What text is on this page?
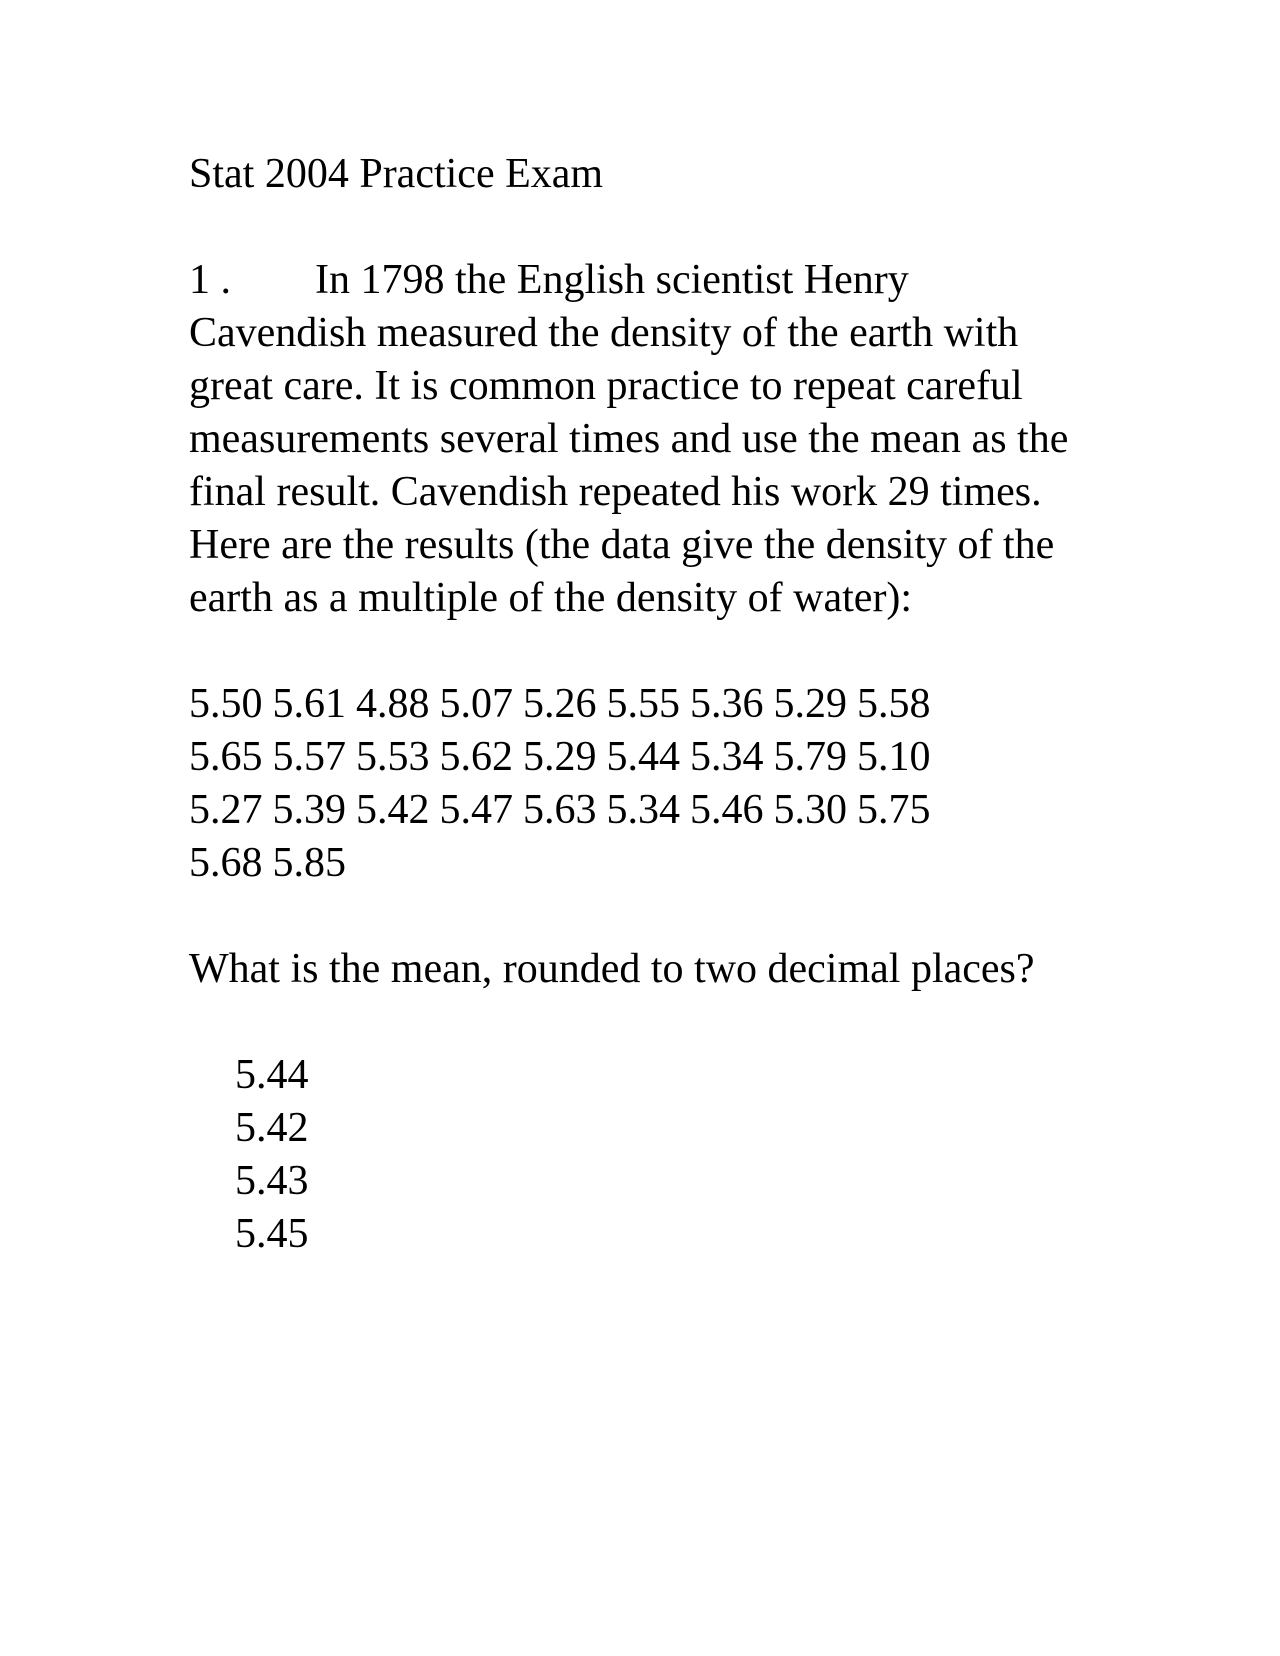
Stat 2004 Practice Exam
1 . In 1798 the English scientist Henry Cavendish measured the density of the earth with great care. It is common practice to repeat careful measurements several times and use the mean as the final result. Cavendish repeated his work 29 times. Here are the results (the data give the density of the earth as a multiple of the density of water):
5.50 5.61 4.88 5.07 5.26 5.55 5.36 5.29 5.58
5.65 5.57 5.53 5.62 5.29 5.44 5.34 5.79 5.10
5.27 5.39 5.42 5.47 5.63 5.34 5.46 5.30 5.75
5.68 5.85
What is the mean, rounded to two decimal places?
5.44
5.42
5.43
5.45
